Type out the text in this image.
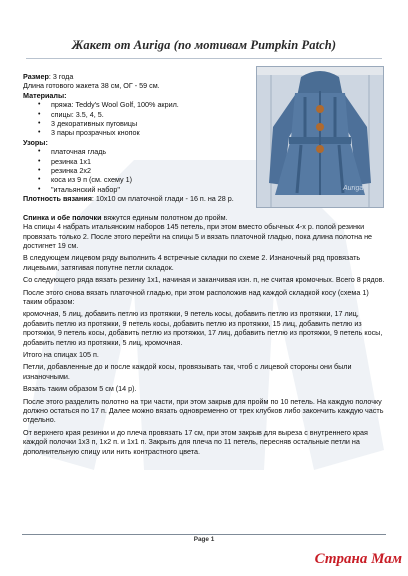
Жакет от Auriga (по мотивам Pumpkin Patch)
Auriga

Размер: 3 года

Длина готового жакета 38 см, ОГ - 59 см.

Материалы:

• пряжа: Teddy's Wool Golf, 100% акрил.
• спицы: 3.5, 4, 5.
• 3 декоративных пуговицы
• 3 пары прозрачных кнопок

Узоры:

• платочная гладь
• резинка 1x1
• резинка 2x2
• коса из 9 п (см. схему 1)
• "итальянский набор"

Плотность вязания: 10x10 см платочной глади - 16 п. на 28 р.

Спинка и обе полочки вяжутся единым полотном до пройм.

На спицы 4 набрать итальянским наборов 145 петель, при этом вместо обычных 4-х р. полой резинки провязать только 2. После этого перейти на спицы 5 и вязать платочной гладью, пока длина полотна не достигнет 19 см.

В следующем лицевом ряду выполнить 4 встречные складки по схеме 2. Изнаночный ряд провязать лицевыми, затягивая попутне петли складок.

Со следующего ряда вязать резинку 1x1, начиная и заканчивая изн. п, не считая кромочных. Всего 8 рядов.

После этого снова вязать платочной гладью, при этом расположив над каждой складкой косу (схема 1) таким образом:

кромочная, 5 лиц, добавить петлю из протяжки, 9 петель косы, добавить петлю из протяжки, 17 лиц, добавить петлю из протяжки, 9 петель косы, добавить петлю из протяжки, 15 лиц, добавить петлю из протяжки, 9 петель косы, добавить петлю из протяжки, 17 лиц, добавить петлю из протяжки, 9 петель косы, добавить петлю из протяжки, 5 лиц, кромочная.

Итого на спицах 105 п.

Петли, добавленные до и после каждой косы, провязывать так, чтоб с лицевой стороны они были изнаночными.

Вязать таким образом 5 см (14 р).

После этого разделить полотно на три части, при этом закрыв для пройм по 10 петель. На каждую полочку должно остаться по 17 п. Далее можно вязать одновременно от трех клубков либо закончить каждую часть отдельно.

От верхнего края резинки и до плеча провязать 17 см, при этом закрыв для выреза с внутреннего края каждой полочки 1x3 п, 1x2 п. и 1x1 п. Закрыть для плеча по 11 петель, пересняв остальные петли на дополнительную спицу или нить контрастного цвета.

Page 1
Страна Мам
